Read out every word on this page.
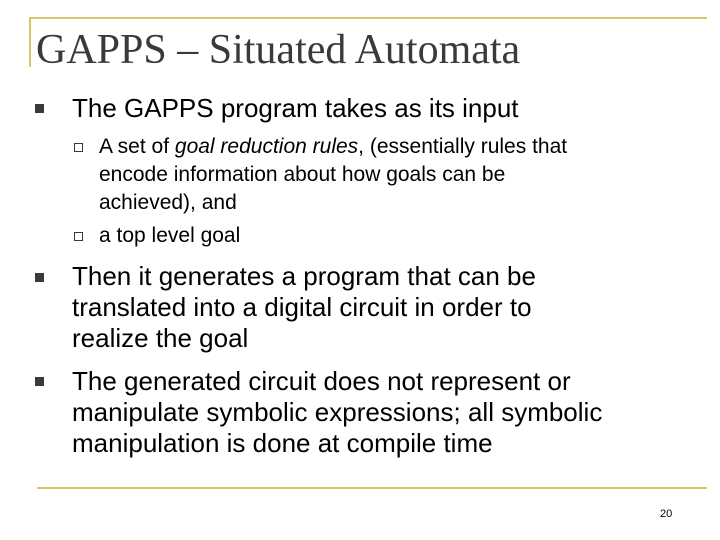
GAPPS – Situated Automata
The GAPPS program takes as its input
A set of goal reduction rules, (essentially rules that
encode information about how goals can be
achieved), and
a top level goal
Then it generates a program that can be
translated into a digital circuit in order to
realize the goal
The generated circuit does not represent or
manipulate symbolic expressions; all symbolic
manipulation is done at compile time
20
